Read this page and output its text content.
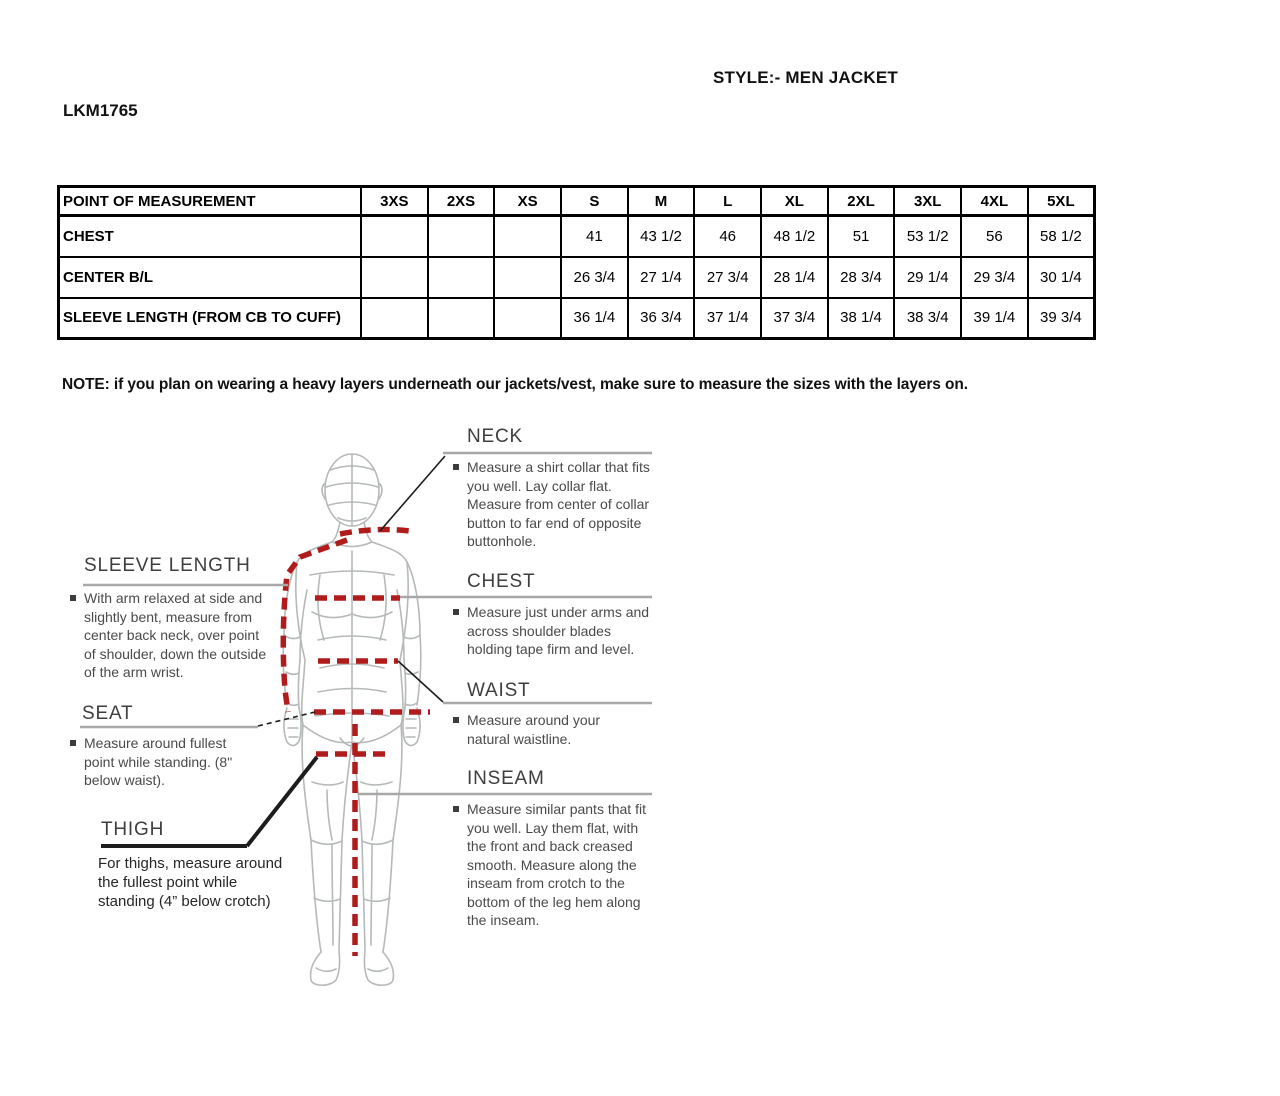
STYLE:- MEN JACKET
LKM1765
POINT OF MEASUREMENT	3XS	2XS	XS	S	M	L	XL	2XL	3XL	4XL	5XL
CHEST				41	43 1/2	46	48 1/2	51	53 1/2	56	58 1/2
CENTER B/L				26 3/4	27 1/4	27 3/4	28 1/4	28 3/4	29 1/4	29 3/4	30 1/4
SLEEVE LENGTH (FROM CB TO CUFF)				36 1/4	36 3/4	37 1/4	37 3/4	38 1/4	38 3/4	39 1/4	39 3/4
NOTE: if you plan on wearing a heavy layers underneath our jackets/vest, make sure to measure the sizes with the layers on.
SLEEVE LENGTH
With arm relaxed at side and slightly bent, measure from center back neck, over point of shoulder, down the outside of the arm wrist.
SEAT
Measure around fullest point while standing. (8" below waist).
THIGH
For thighs, measure around the fullest point while standing (4” below crotch)
NECK
Measure a shirt collar that fits you well. Lay collar flat. Measure from center of collar button to far end of opposite buttonhole.
CHEST
Measure just under arms and across shoulder blades holding tape firm and level.
WAIST
Measure around your natural waistline.
INSEAM
Measure similar pants that fit you well. Lay them flat, with the front and back creased smooth. Measure along the inseam from crotch to the bottom of the leg hem along the inseam.
